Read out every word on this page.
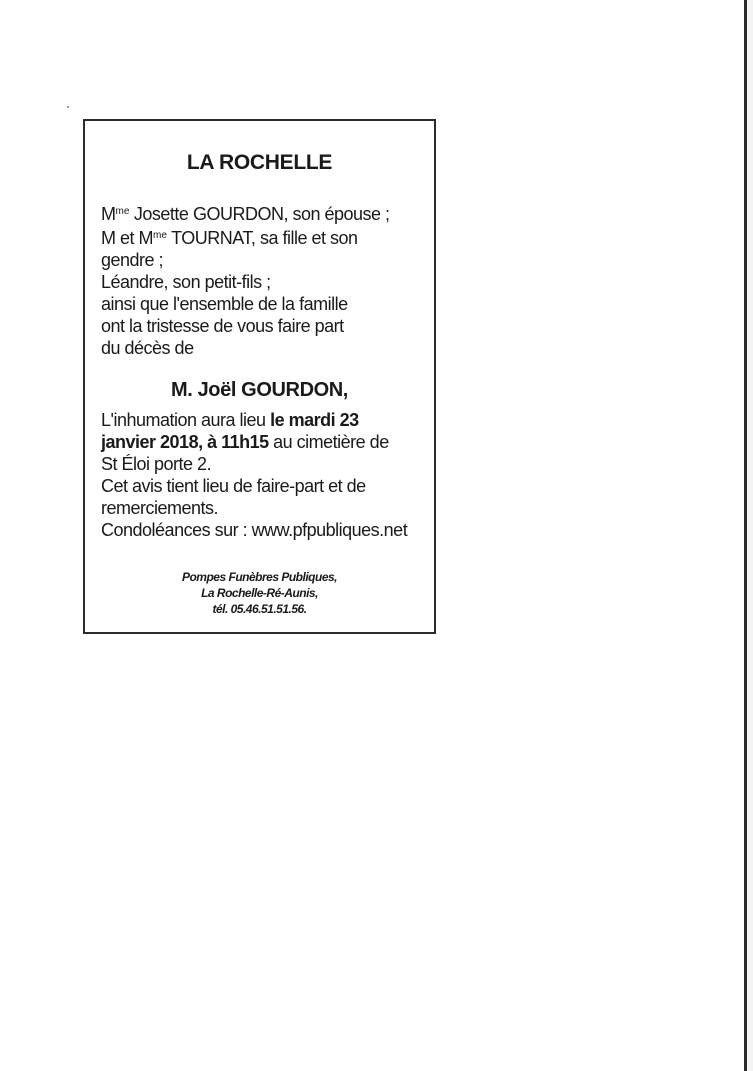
LA ROCHELLE
$M^{me}$ Josette GOURDON, son épouse ;
M et $M^{me}$ TOURNAT, sa fille et son
gendre ;
Léandre, son petit-fils ;
ainsi que l'ensemble de la famille
ont la tristesse de vous faire part
du décès de
M. Joël GOURDON,
L'inhumation aura lieu le mardi 23
janvier 2018, à 11h15 au cimetière de
St Éloi porte 2.
Cet avis tient lieu de faire-part et de
remerciements.
Condoléances sur : www.pfpubliques.net
Pompes Funèbres Publiques,
La Rochelle-Ré-Aunis,
tél. 05.46.51.51.56.
